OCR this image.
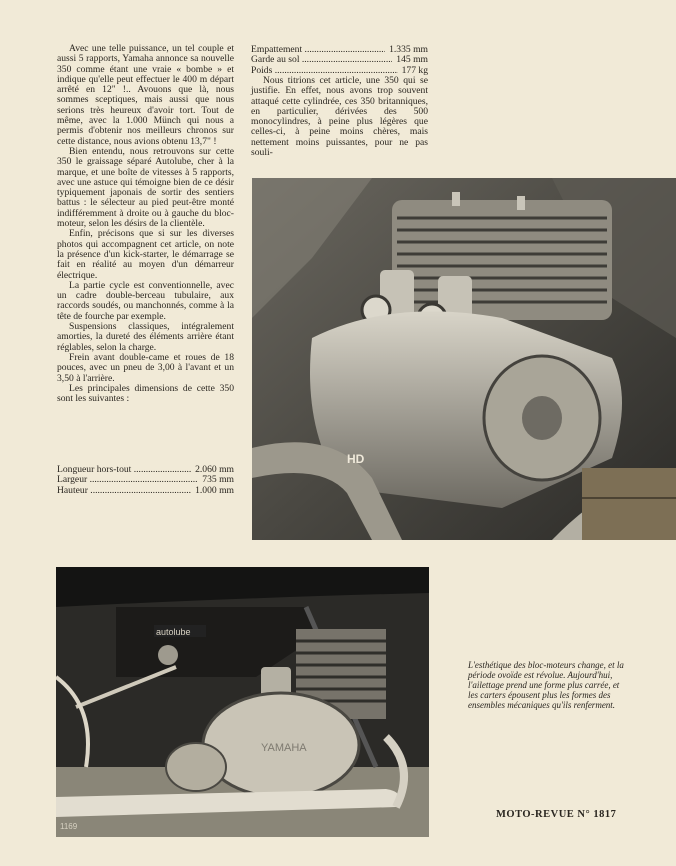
Avec une telle puissance, un tel couple et aussi 5 rapports, Yamaha annonce sa nouvelle 350 comme étant une vraie « bombe » et indique qu'elle peut effectuer le 400 m départ arrêté en 12" !.. Avouons que là, nous sommes sceptiques, mais aussi que nous serions très heureux d'avoir tort. Tout de même, avec la 1.000 Münch qui nous a permis d'obtenir nos meilleurs chronos sur cette distance, nous avions obtenu 13,7" !

Bien entendu, nous retrouvons sur cette 350 le graissage séparé Autolube, cher à la marque, et une boîte de vitesses à 5 rapports, avec une astuce qui témoigne bien de ce désir typiquement japonais de sortir des sentiers battus : le sélecteur au pied peut-être monté indifféremment à droite ou à gauche du bloc-moteur, selon les désirs de la clientèle.

Enfin, précisons que si sur les diverses photos qui accompagnent cet article, on note la présence d'un kick-starter, le démarrage se fait en réalité au moyen d'un démarreur électrique.

La partie cycle est conventionnelle, avec un cadre double-berceau tubulaire, aux raccords soudés, ou manchonnés, comme à la tête de fourche par exemple.

Suspensions classiques, intégralement amorties, la dureté des éléments arrière étant réglables, selon la charge.

Frein avant double-came et roues de 18 pouces, avec un pneu de 3,00 à l'avant et un 3,50 à l'arrière.

Les principales dimensions de cette 350 sont les suivantes :

Longueur hors-tout .....	2.060 mm
Largeur .....	735 mm
Hauteur .....	1.000 mm
Empattement .....	1.335 mm
Garde au sol .....	145 mm
Poids .....	177 kg

Nous titrions cet article, une 350 qui se justifie. En effet, nous avons trop souvent attaqué cette cylindrée, ces 350 britanniques, en particulier, dérivées des 500 monocylindres, à peine plus légères que celles-ci, à peine moins chères, mais nettement moins puissantes, pour ne pas souli-

HD
autolube
YAMAHA
1169
L'esthétique des bloc-moteurs change, et la période ovoïde est révolue. Aujourd'hui, l'ailettage prend une forme plus carrée, et les carters épousent plus les formes des ensembles mécaniques qu'ils renferment.
MOTO-REVUE N° 1817
